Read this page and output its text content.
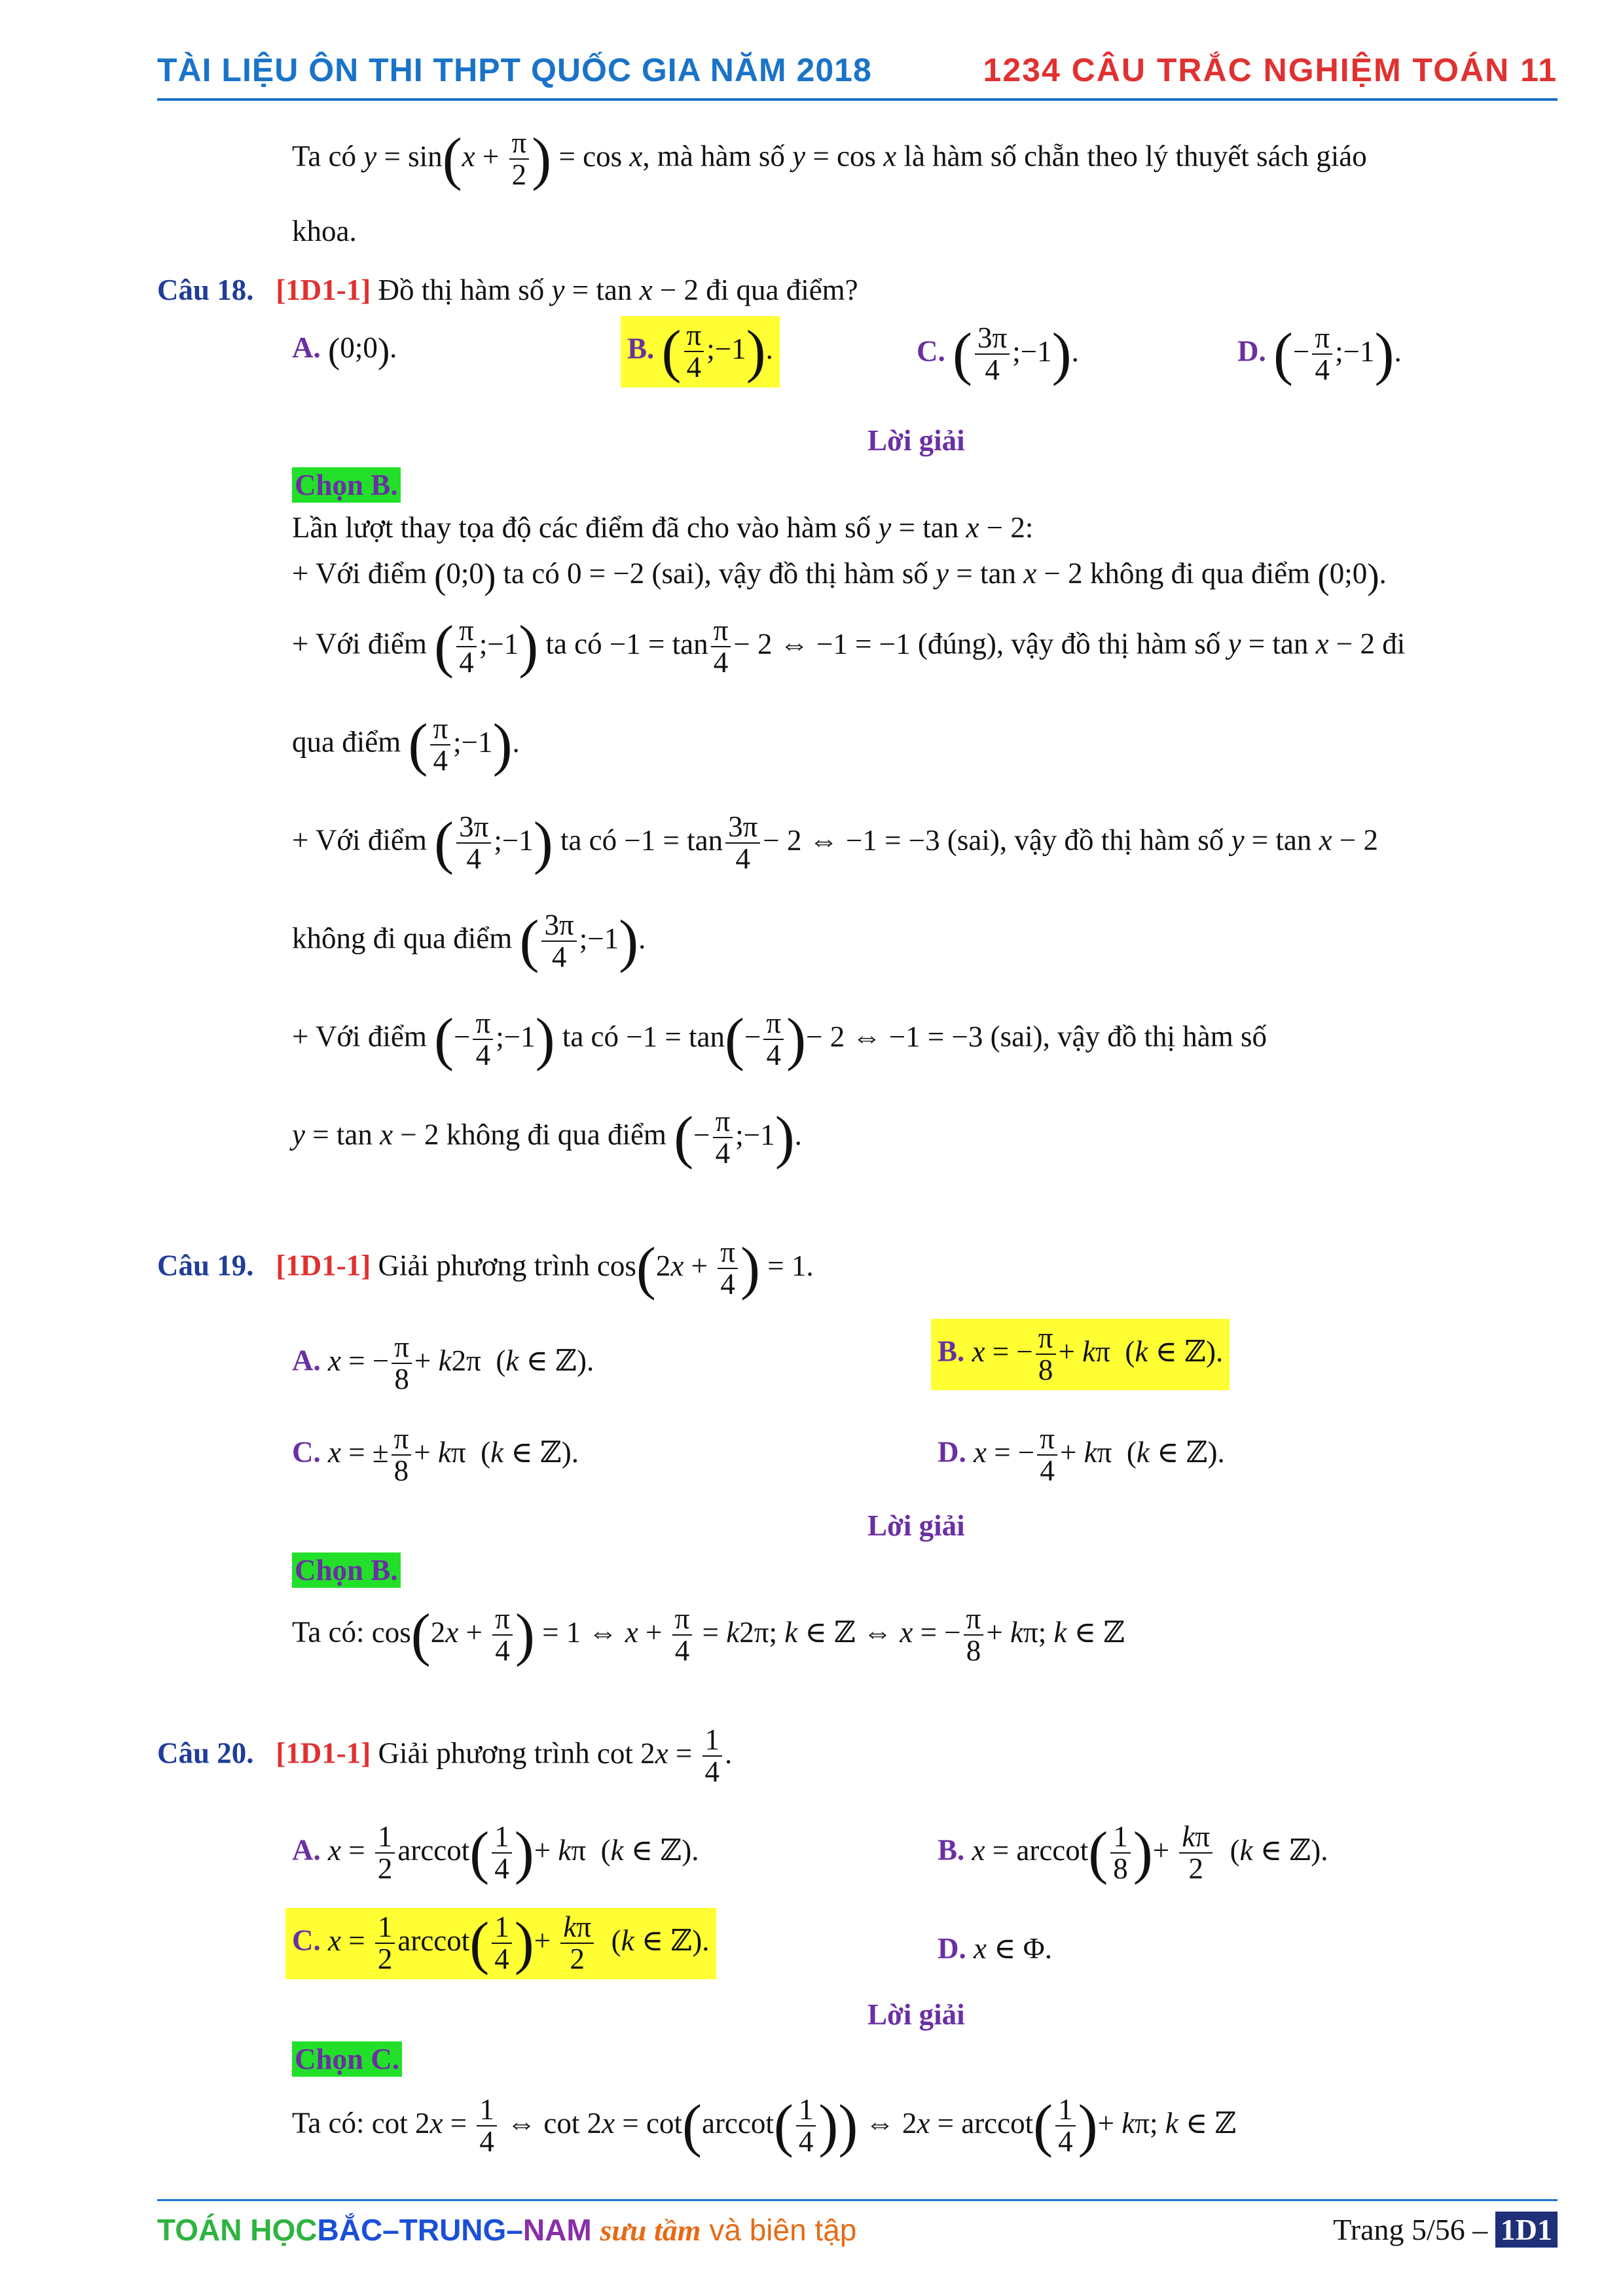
TÀI LIỆU ÔN THI THPT QUỐC GIA NĂM 2018	1234 CÂU TRẮC NGHIỆM TOÁN 11
Ta có $y = \sin(x + \frac{\pi}{2}$ ) = cos x, mà hàm số y = cos x là hàm số chẵn theo lý thuyết sách giáo
khoa.
Câu 18. [1D1-1] Đồ thị hàm số y = tan x − 2 đi qua điểm?
A. (0;0).	B. ( $\frac{\pi}{4}$ ;−1).	C. ( $\frac{3\pi}{4}$ ;−1).	D. (− $\frac{\pi}{4}$ ;−1).
Lời giải
Chọn B.
Lần lượt thay tọa độ các điểm đã cho vào hàm số y = tan x − 2:
+ Với điểm (0;0) ta có 0 = −2 (sai), vậy đồ thị hàm số y = tan x − 2 không đi qua điểm (0;0).
+ Với điểm ( $\frac{\pi}{4}$ ;−1) ta có $-1 = \tan \frac{\pi}{4} - 2$ ⇔ −1 = −1 (đúng), vậy đồ thị hàm số y = tan x − 2 đi
qua điểm ( $\frac{\pi}{4}$ ;−1).
+ Với điểm ( $\frac{3\pi}{4}$ ;−1) ta có $-1 = \tan \frac{3\pi}{4} - 2$ ⇔ −1 = −3 (sai), vậy đồ thị hàm số y = tan x − 2
không đi qua điểm ( $\frac{3\pi}{4}$ ;−1).
+ Với điểm (− $\frac{\pi}{4}$ ;−1) ta có $-1 = \tan(- \frac{\pi}{4}$ )− 2 ⇔ −1 = −3 (sai), vậy đồ thị hàm số
y = tan x − 2 không đi qua điểm (− $\frac{\pi}{4}$ ;−1).
Câu 19. [1D1-1] Giải phương trình $\cos(2x + \frac{\pi}{4}$ ) = 1.
A. x = − $\frac{\pi}{8} + k2\pi$  (k ∈ ℤ).	B. x = − $\frac{\pi}{8} + k\pi$  (k ∈ ℤ).
C. x = ± $\frac{\pi}{8} + k\pi$  (k ∈ ℤ).	D. x = − $\frac{\pi}{4} + k\pi$  (k ∈ ℤ).
Lời giải
Chọn B.
Ta có: $\cos(2x + \frac{\pi}{4}$ ) = 1 ⇔ $x + \frac{\pi}{4} = k2\pi$; k ∈ ℤ ⇔ x = − $\frac{\pi}{8} + k\pi$; k ∈ ℤ
Câu 20. [1D1-1] Giải phương trình $\cot 2x = \frac{1}{4}$ .
A. $x = \frac{1}{2} arccot( \frac{1}{4}$ )+ kπ  (k ∈ ℤ).	B. $x = arccot( \frac{1}{8}$ )+ $\frac{k\pi}{2} (k$ ∈ ℤ).
C. $x = \frac{1}{2} arccot( \frac{1}{4}$ )+ $\frac{k\pi}{2} (k$ ∈ ℤ).	D. x ∈ Φ.
Lời giải
Chọn C.
Ta có: $\cot 2x = \frac{1}{4}$ ⇔ $\cot 2x = \cot(arccot( \frac{1}{4}$ )) ⇔ $2x = arccot( \frac{1}{4}$ )+ kπ; k ∈ ℤ
TOÁN HỌCBẮC–TRUNG–NAM sưu tầm và biên tập	Trang 5/56 – 1D1
